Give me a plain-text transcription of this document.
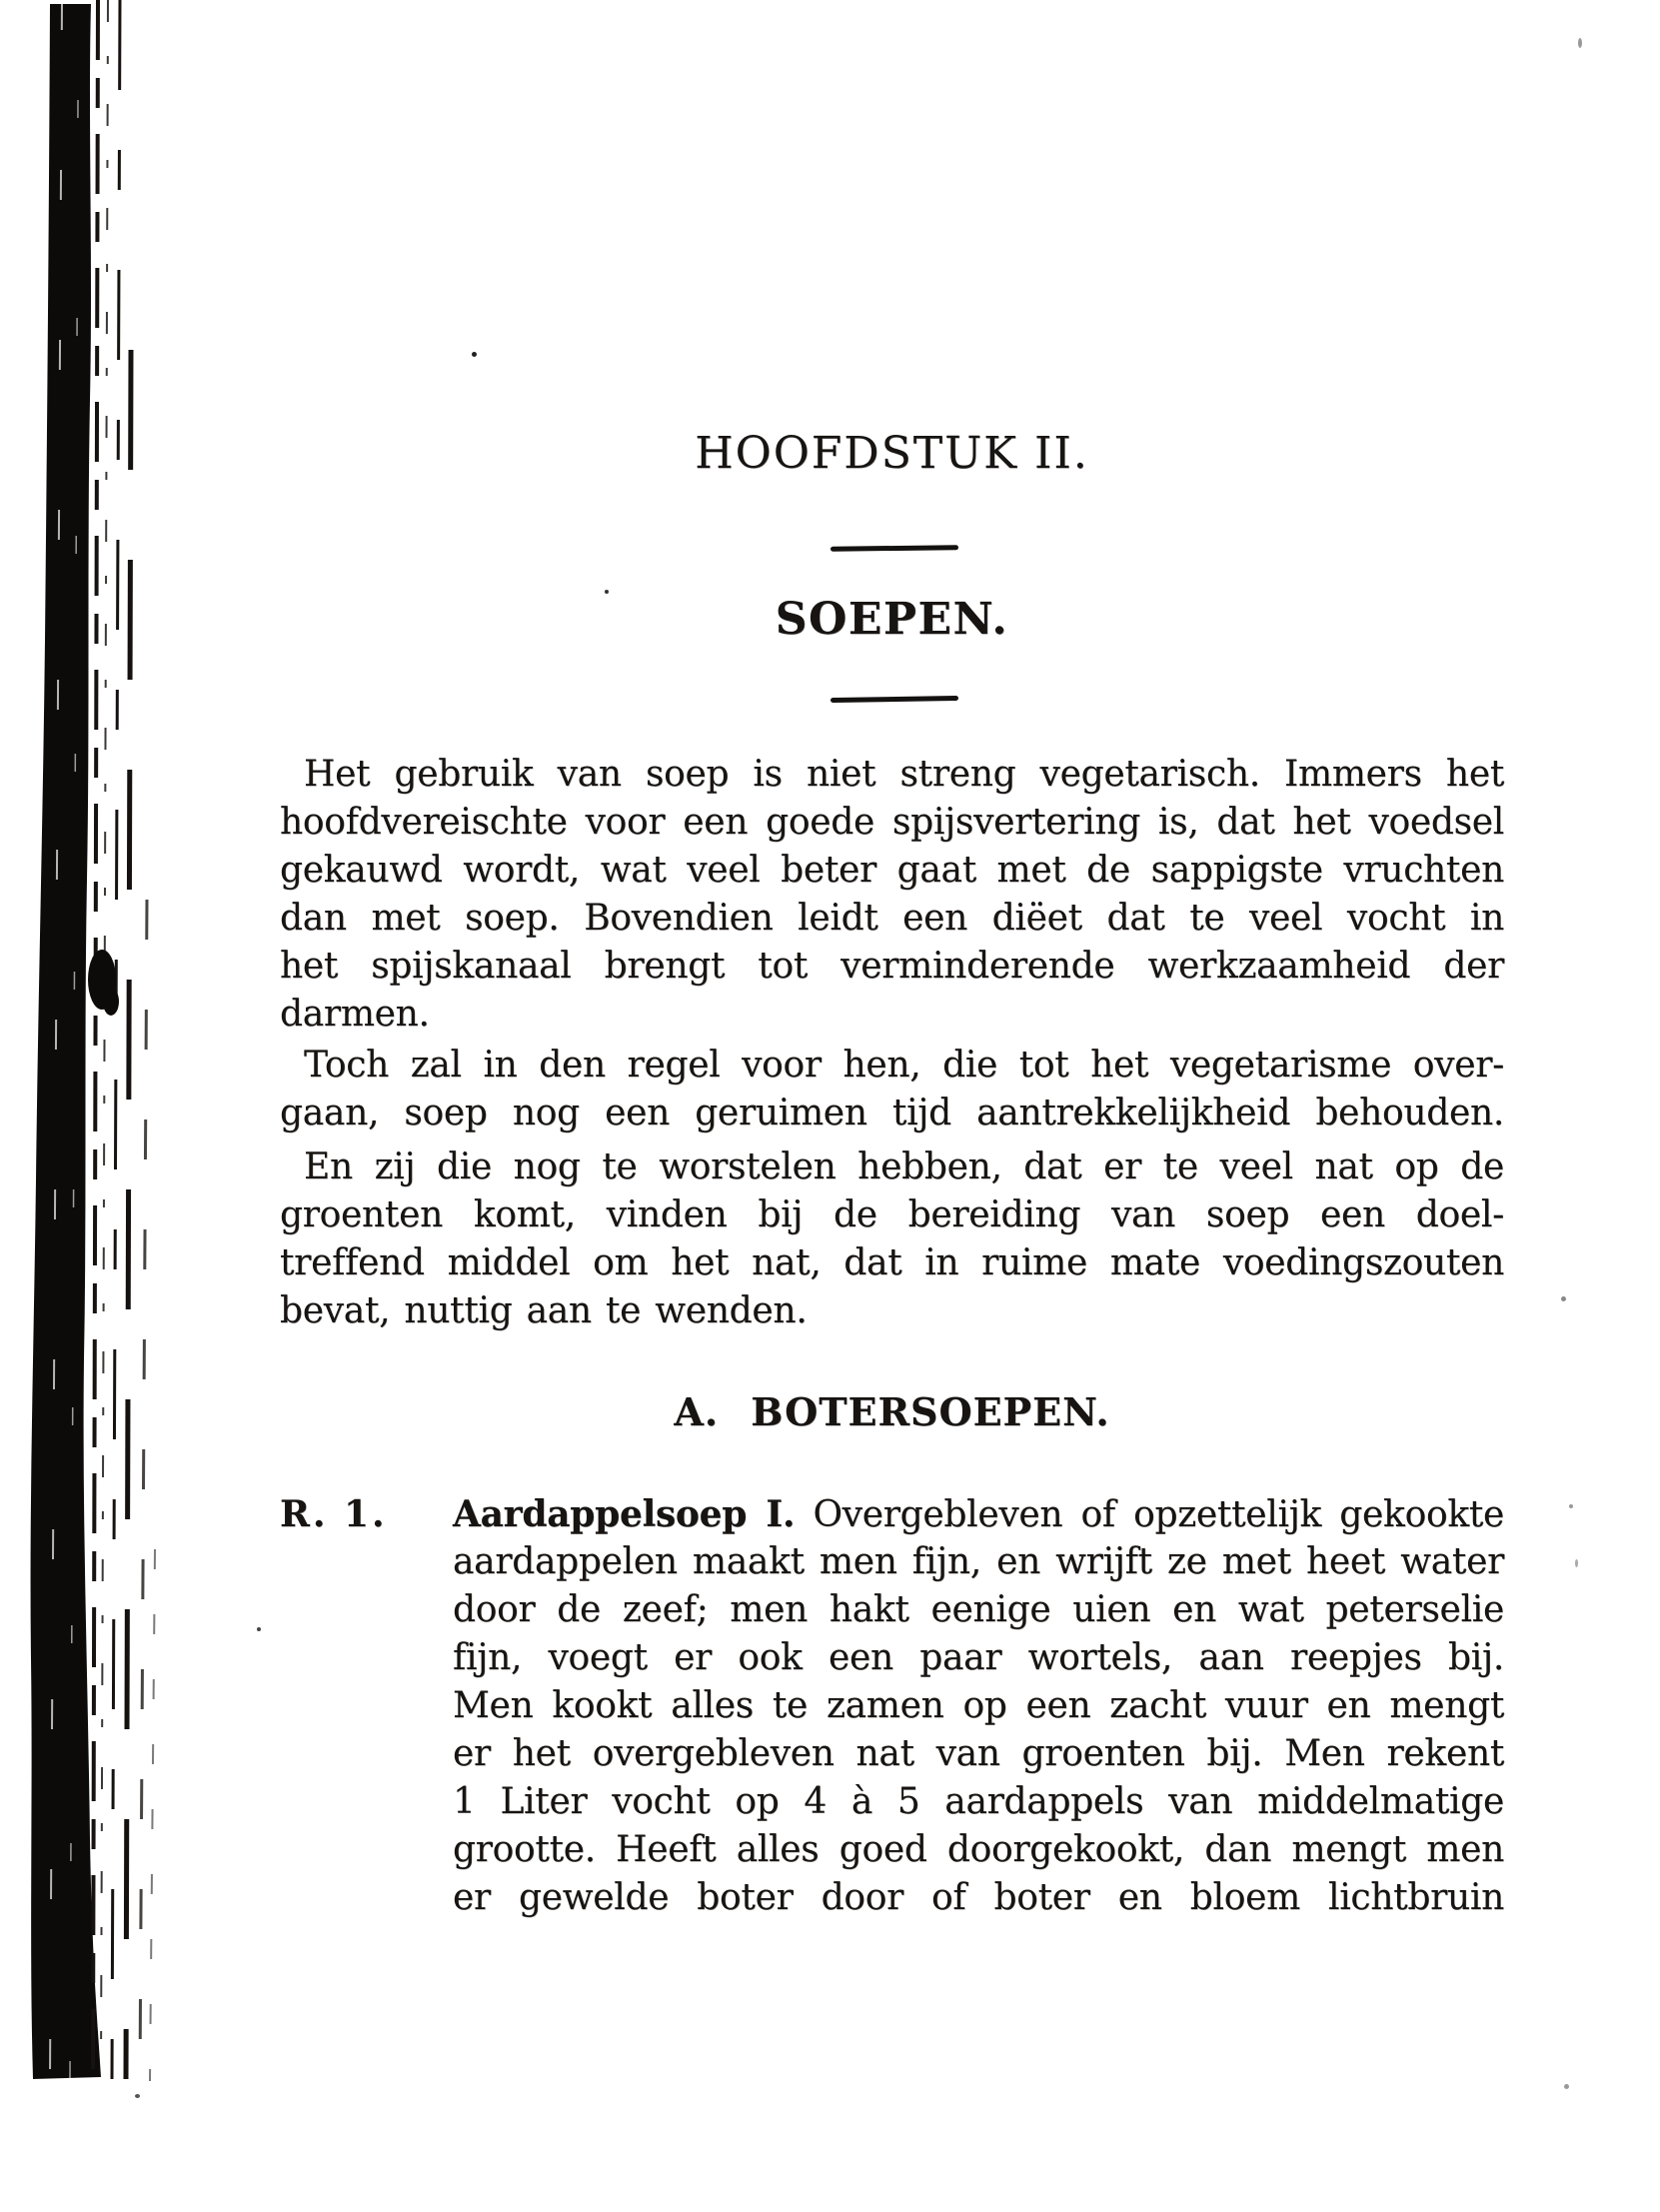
HOOFDSTUK II.
SOEPEN.

Het gebruik van soep is niet streng vegetarisch. Immers het
hoofdvereischte voor een goede spijsvertering is, dat het voedsel
gekauwd wordt, wat veel beter gaat met de sappigste vruchten
dan met soep. Bovendien leidt een diëet dat te veel vocht in
het spijskanaal brengt tot verminderende werkzaamheid der
darmen.

Toch zal in den regel voor hen, die tot het vegetarisme over-
gaan, soep nog een geruimen tijd aantrekkelijkheid behouden.

En zij die nog te worstelen hebben, dat er te veel nat op de
groenten komt, vinden bij de bereiding van soep een doel-
treffend middel om het nat, dat in ruime mate voedingszouten
bevat, nuttig aan te wenden.

A. BOTERSOEPEN.
R. 1. Aardappelsoep I. Overgebleven of opzettelijk gekookte
aardappelen maakt men fijn, en wrijft ze met heet water
door de zeef; men hakt eenige uien en wat peterselie
fijn, voegt er ook een paar wortels, aan reepjes bij.
Men kookt alles te zamen op een zacht vuur en mengt
er het overgebleven nat van groenten bij. Men rekent
1 Liter vocht op 4 à 5 aardappels van middelmatige
grootte. Heeft alles goed doorgekookt, dan mengt men
er gewelde boter door of boter en bloem lichtbruin
